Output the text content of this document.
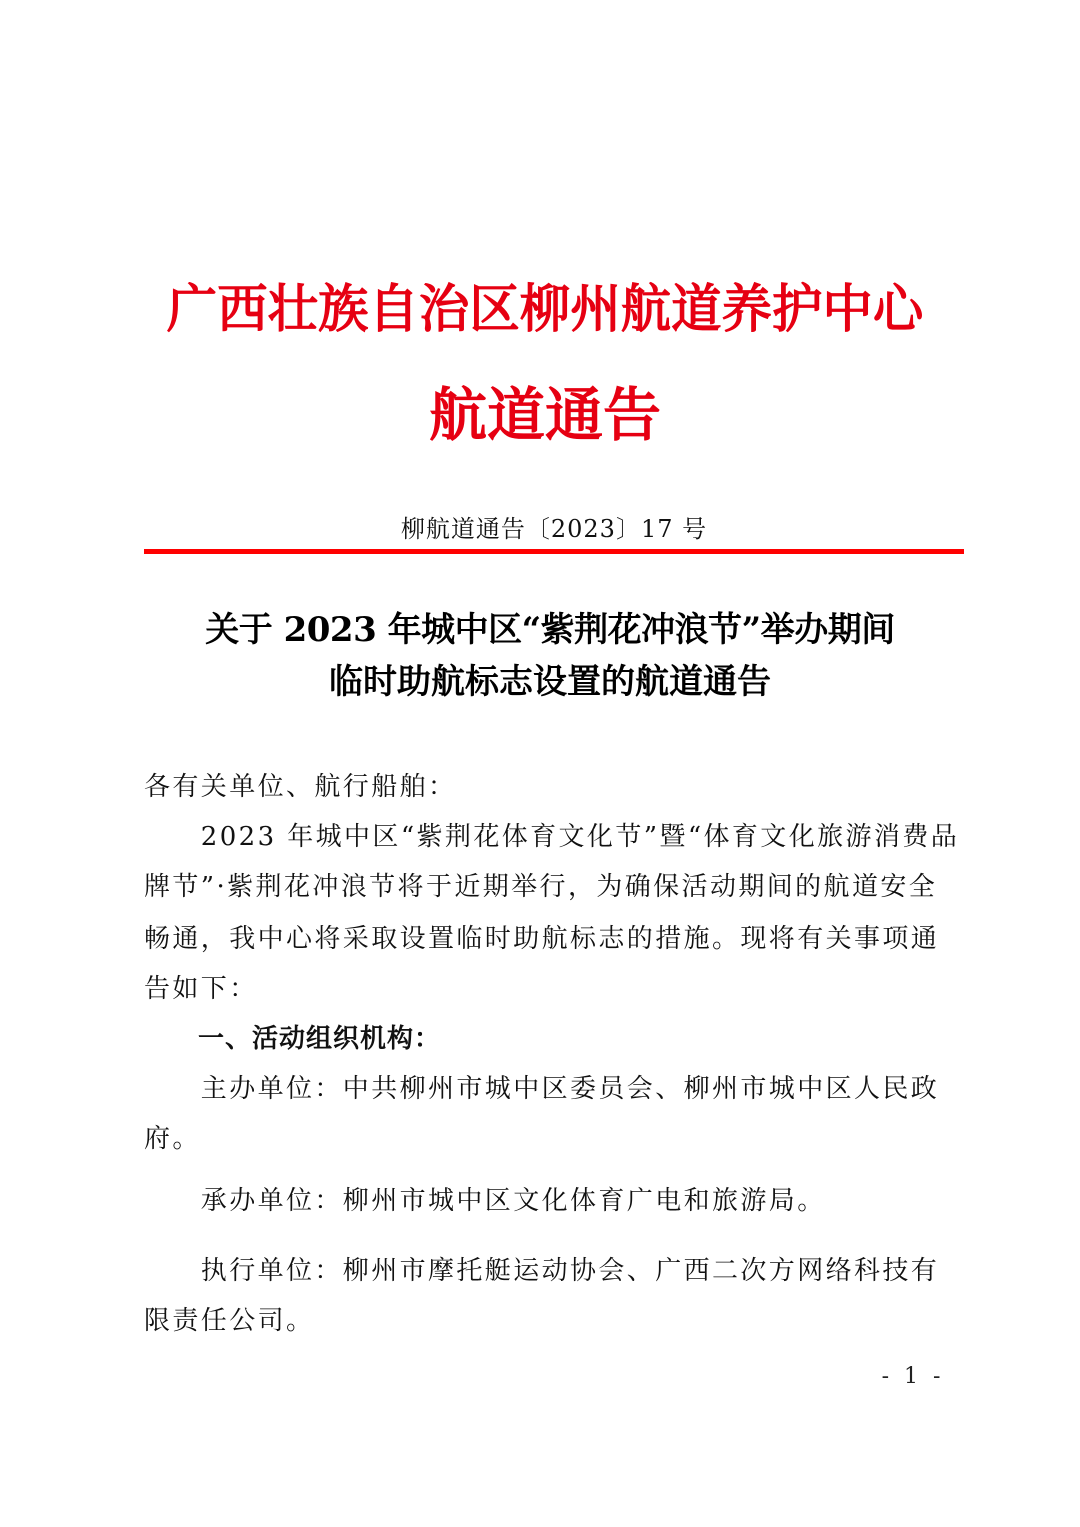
广西壮族自治区柳州航道养护中心
航道通告
柳航道通告〔2023〕17 号
关于 2023 年城中区“紫荆花冲浪节”举办期间
临时助航标志设置的航道通告
各有关单位、航行船舶：
　　2023 年城中区“紫荆花体育文化节”暨“体育文化旅游消费品
牌节”·紫荆花冲浪节将于近期举行，为确保活动期间的航道安全
畅通，我中心将采取设置临时助航标志的措施。现将有关事项通
告如下：
　　一、活动组织机构：
　　主办单位：中共柳州市城中区委员会、柳州市城中区人民政
府。
　　承办单位：柳州市城中区文化体育广电和旅游局。
　　执行单位：柳州市摩托艇运动协会、广西二次方网络科技有
限责任公司。
- 1 -
